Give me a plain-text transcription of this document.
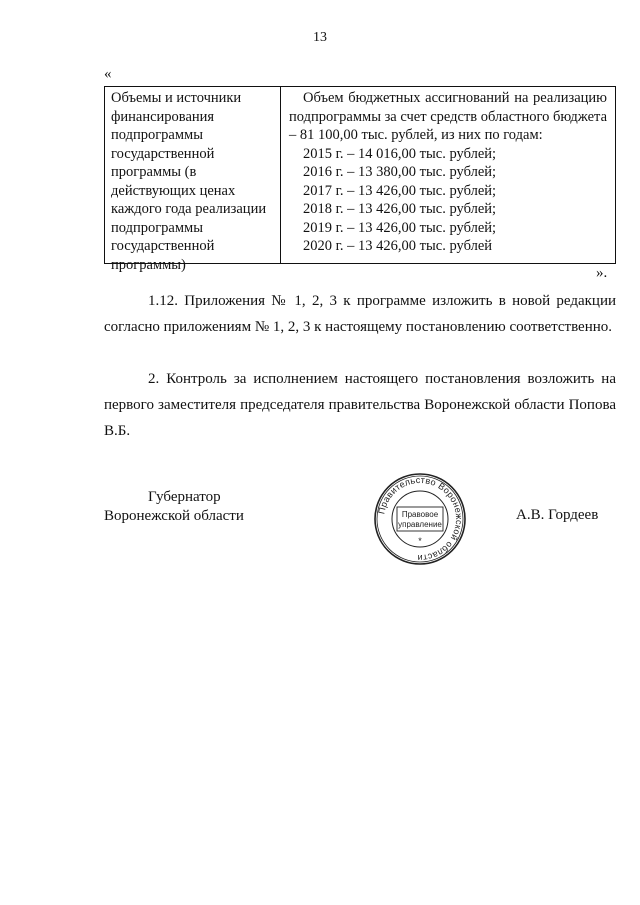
13
«
Объемы и источники финансирования подпрограммы государственной программы (в действующих ценах каждого года реализации подпрограммы государственной программы)
Объем бюджетных ассигнований на реализацию подпрограммы за счет средств областного бюджета – 81 100,00 тыс. рублей, из них по годам:
2015 г. – 14 016,00 тыс. рублей;
2016 г. – 13 380,00 тыс. рублей;
2017 г. – 13 426,00 тыс. рублей;
2018 г. – 13 426,00 тыс. рублей;
2019 г. – 13 426,00 тыс. рублей;
2020 г. – 13 426,00 тыс. рублей
».
1.12. Приложения № 1, 2, 3 к программе изложить в новой редакции согласно приложениям № 1, 2, 3 к настоящему постановлению соответственно.
2. Контроль за исполнением настоящего постановления возложить на первого заместителя председателя правительства Воронежской области Попова В.Б.
Губернатор
Воронежской области	Правительство Воронежской области
Правовое
управление
*
А.В. Гордеев
